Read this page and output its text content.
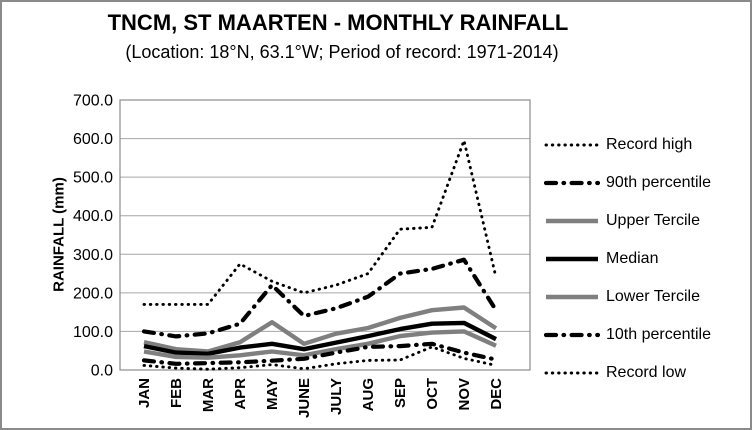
TNCM, ST MAARTEN - MONTHLY RAINFALL
(Location: 18°N, 63.1°W; Period of record: 1971-2014)
RAINFALL (mm)
0.0
100.0
200.0
300.0
400.0
500.0
600.0
700.0
JAN FEB MAR APR MAY JUNE JULY AUG SEP OCT NOV DEC
Record high
90th percentile
Upper Tercile
Median
Lower Tercile
10th percentile
Record low
